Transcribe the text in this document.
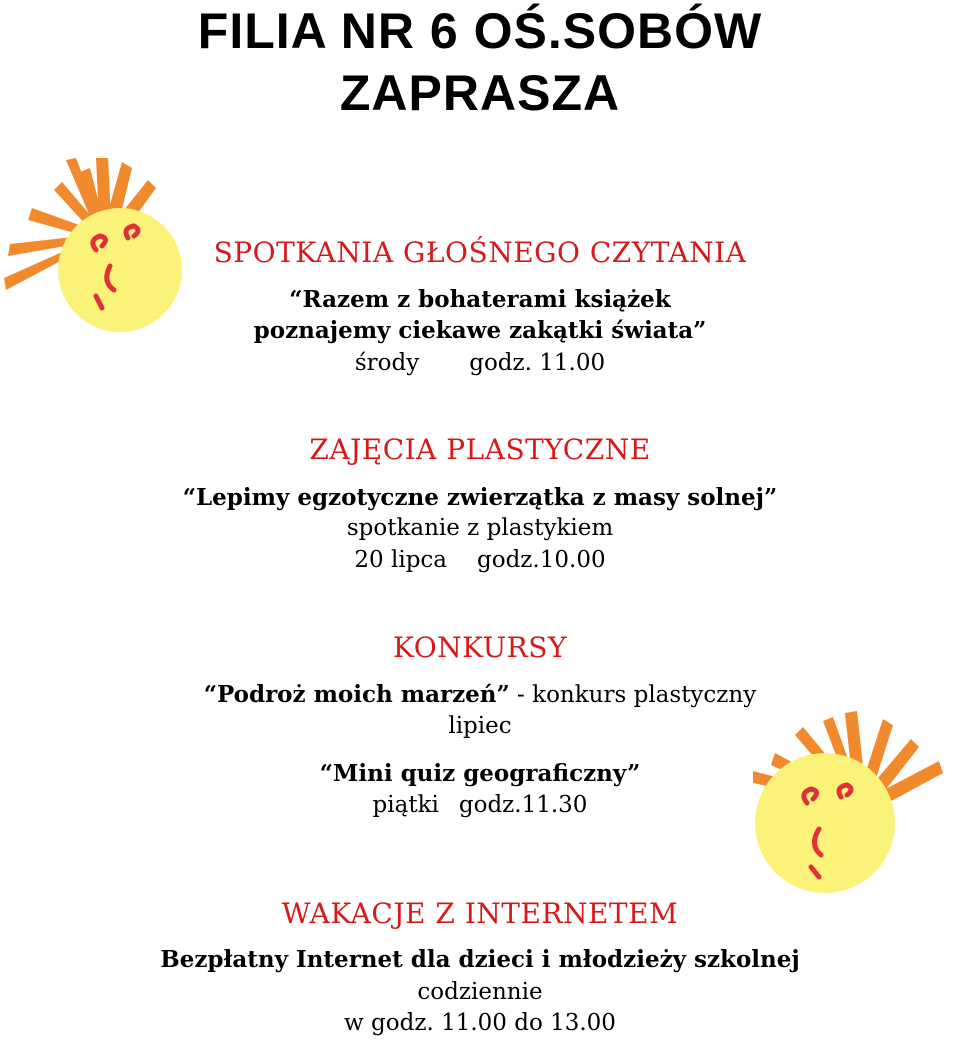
FILIA NR 6 OŚ.SOBÓW
ZAPRASZA
SPOTKANIA GŁOŚNEGO CZYTANIA
“Razem z bohaterami książek
poznajemy ciekawe zakątki świata”
środy godz. 11.00
ZAJĘCIA PLASTYCZNE
“Lepimy egzotyczne zwierzątka z masy solnej”
spotkanie z plastykiem
20 lipca godz.10.00
KONKURSY
“Podroż moich marzeń” - konkurs plastyczny
lipiec
“Mini quiz geograficzny”
piątki godz.11.30
WAKACJE Z INTERNETEM
Bezpłatny Internet dla dzieci i młodzieży szkolnej
codziennie
w godz. 11.00 do 13.00
